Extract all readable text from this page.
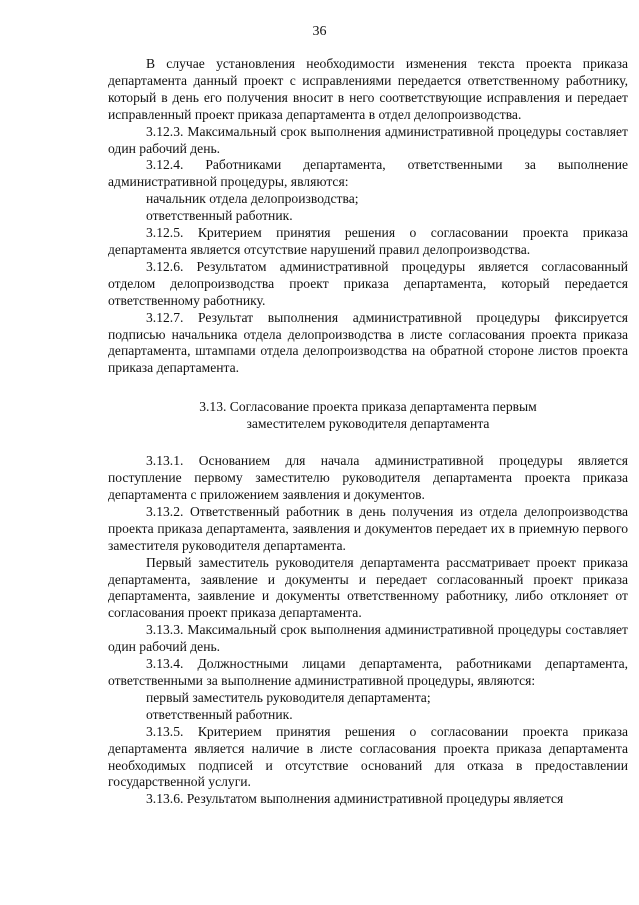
36

В случае установления необходимости изменения текста проекта приказа департамента данный проект с исправлениями передается ответственному работнику, который в день его получения вносит в него соответствующие исправления и передает исправленный проект приказа департамента в отдел делопроизводства.

3.12.3. Максимальный срок выполнения административной процедуры составляет один рабочий день.

3.12.4. Работниками департамента, ответственными за выполнение административной процедуры, являются:

начальник отдела делопроизводства;

ответственный работник.

3.12.5. Критерием принятия решения о согласовании проекта приказа департамента является отсутствие нарушений правил делопроизводства.

3.12.6. Результатом административной процедуры является согласованный отделом делопроизводства проект приказа департамента, который передается ответственному работнику.

3.12.7. Результат выполнения административной процедуры фиксируется подписью начальника отдела делопроизводства в листе согласования проекта приказа департамента, штампами отдела делопроизводства на обратной стороне листов проекта приказа департамента.

3.13. Согласование проекта приказа департамента первым заместителем руководителя департамента

3.13.1. Основанием для начала административной процедуры является поступление первому заместителю руководителя департамента проекта приказа департамента с приложением заявления и документов.

3.13.2. Ответственный работник в день получения из отдела делопроизводства проекта приказа департамента, заявления и документов передает их в приемную первого заместителя руководителя департамента.

Первый заместитель руководителя департамента рассматривает проект приказа департамента, заявление и документы и передает согласованный проект приказа департамента, заявление и документы ответственному работнику, либо отклоняет от согласования проект приказа департамента.

3.13.3. Максимальный срок выполнения административной процедуры составляет один рабочий день.

3.13.4. Должностными лицами департамента, работниками департамента, ответственными за выполнение административной процедуры, являются:

первый заместитель руководителя департамента;

ответственный работник.

3.13.5. Критерием принятия решения о согласовании проекта приказа департамента является наличие в листе согласования проекта приказа департамента необходимых подписей и отсутствие оснований для отказа в предоставлении государственной услуги.

3.13.6. Результатом выполнения административной процедуры является
